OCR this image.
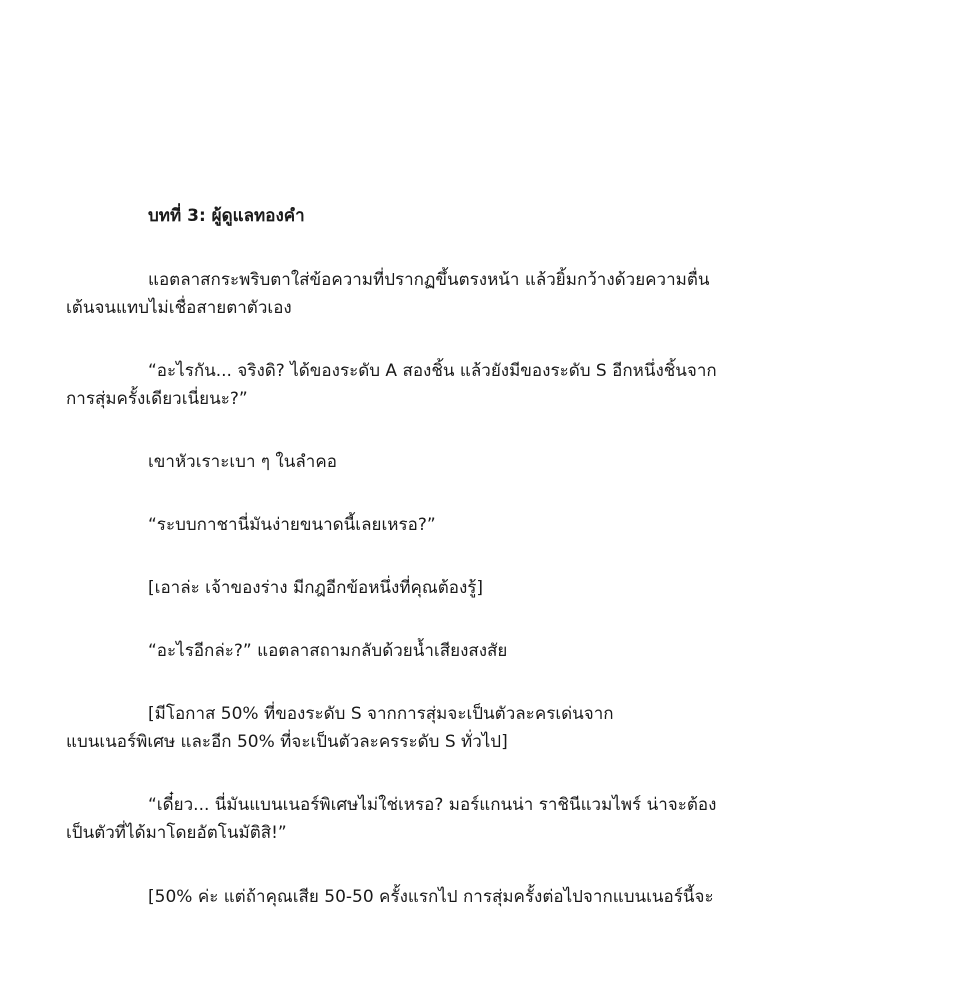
บทที่ 3: ผู้ดูแลทองคำ

แอตลาสกระพริบตาใส่ข้อความที่ปรากฏขึ้นตรงหน้า แล้วยิ้มกว้างด้วยความตื่น
เต้นจนแทบไม่เชื่อสายตาตัวเอง

“อะไรกัน... จริงดิ? ได้ของระดับ A สองชิ้น แล้วยังมีของระดับ S อีกหนึ่งชิ้นจาก
การสุ่มครั้งเดียวเนี่ยนะ?”

เขาหัวเราะเบา ๆ ในลำคอ

“ระบบกาชานี่มันง่ายขนาดนี้เลยเหรอ?”

[เอาล่ะ เจ้าของร่าง มีกฎอีกข้อหนึ่งที่คุณต้องรู้]

“อะไรอีกล่ะ?” แอตลาสถามกลับด้วยน้ำเสียงสงสัย

[มีโอกาส 50% ที่ของระดับ S จากการสุ่มจะเป็นตัวละครเด่นจาก
แบนเนอร์พิเศษ และอีก 50% ที่จะเป็นตัวละครระดับ S ทั่วไป]

“เดี๋ยว... นี่มันแบนเนอร์พิเศษไม่ใช่เหรอ? มอร์แกนน่า ราชินีแวมไพร์ น่าจะต้อง
เป็นตัวที่ได้มาโดยอัตโนมัติสิ!”

[50% ค่ะ แต่ถ้าคุณเสีย 50-50 ครั้งแรกไป การสุ่มครั้งต่อไปจากแบนเนอร์นี้จะ
